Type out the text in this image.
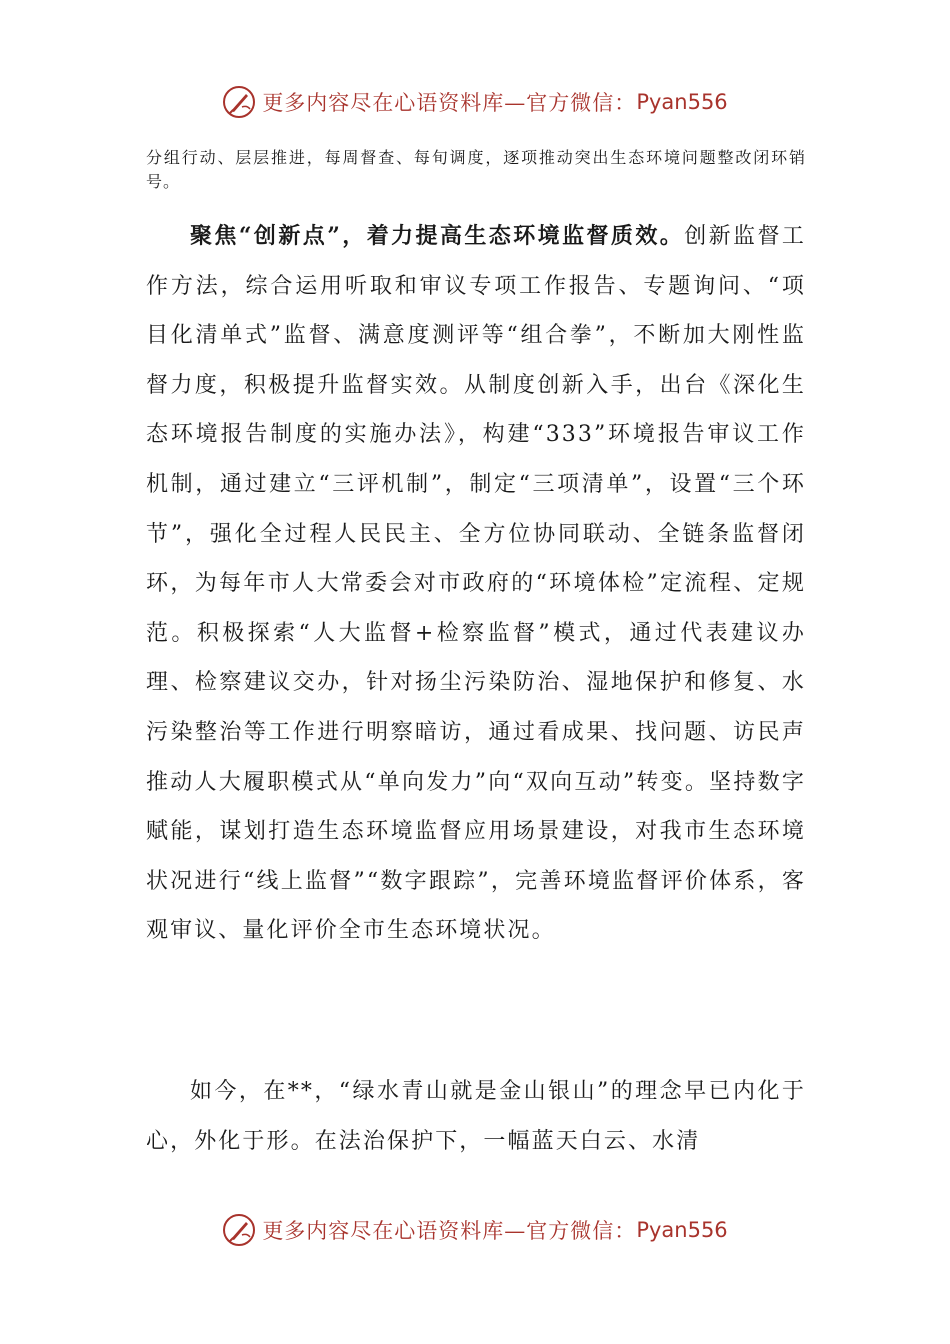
更多内容尽在心语资料库—官方微信： Pyan556

分组行动、层层推进，每周督查、每旬调度，逐项推动突出生态环境问题整改闭环销号。

聚焦“创新点”，着力提高生态环境监督质效。创新监督工作方法，综合运用听取和审议专项工作报告、专题询问、“项目化清单式”监督、满意度测评等“组合拳”，不断加大刚性监督力度，积极提升监督实效。从制度创新入手，出台《深化生态环境报告制度的实施办法》，构建“333”环境报告审议工作机制，通过建立“三评机制”，制定“三项清单”，设置“三个环节”，强化全过程人民民主、全方位协同联动、全链条监督闭环，为每年市人大常委会对市政府的“环境体检”定流程、定规范。积极探索“人大监督+检察监督”模式，通过代表建议办理、检察建议交办，针对扬尘污染防治、湿地保护和修复、水污染整治等工作进行明察暗访，通过看成果、找问题、访民声推动人大履职模式从“单向发力”向“双向互动”转变。坚持数字赋能，谋划打造生态环境监督应用场景建设，对我市生态环境状况进行“线上监督”“数字跟踪”，完善环境监督评价体系，客观审议、量化评价全市生态环境状况。

如今，在**，“绿水青山就是金山银山”的理念早已内化于心，外化于形。在法治保护下，一幅蓝天白云、水清

更多内容尽在心语资料库—官方微信： Pyan556
